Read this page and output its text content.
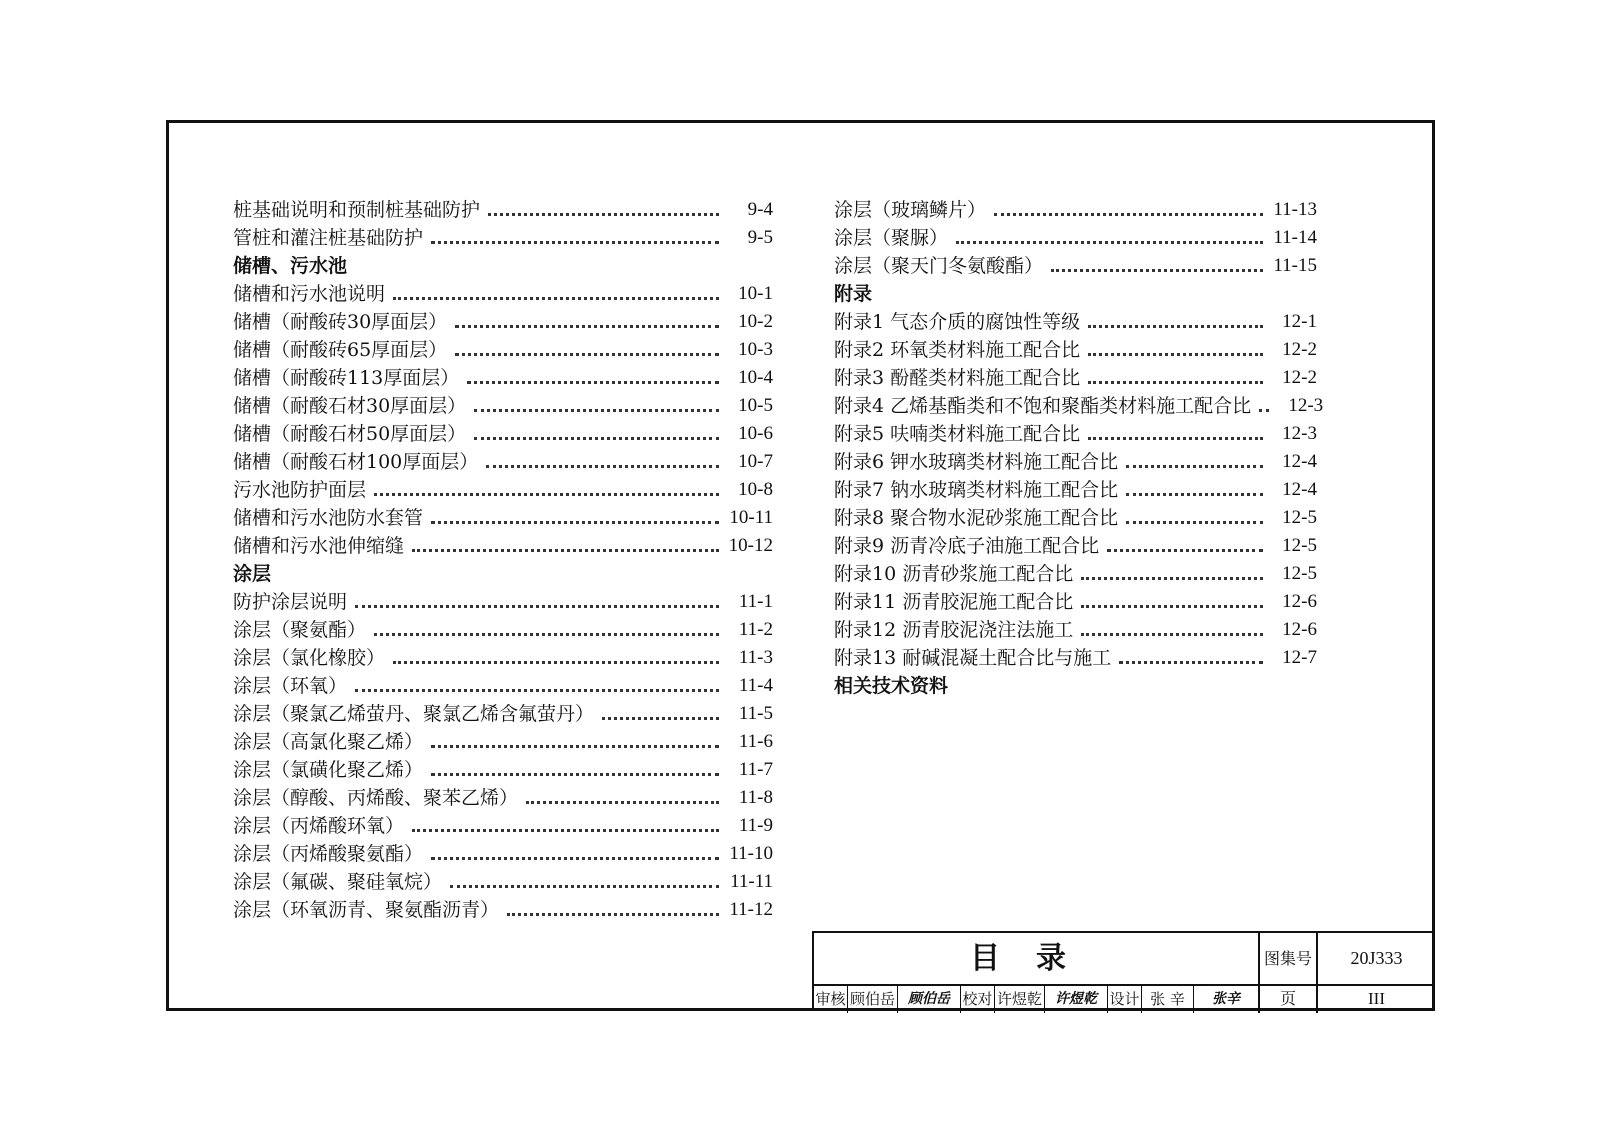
桩基础说明和预制桩基础防护	9-4
管桩和灌注桩基础防护	9-5
储槽、污水池
储槽和污水池说明	10-1
储槽（耐酸砖30厚面层）	10-2
储槽（耐酸砖65厚面层）	10-3
储槽（耐酸砖113厚面层）	10-4
储槽（耐酸石材30厚面层）	10-5
储槽（耐酸石材50厚面层）	10-6
储槽（耐酸石材100厚面层）	10-7
污水池防护面层	10-8
储槽和污水池防水套管	10-11
储槽和污水池伸缩缝	10-12
涂层
防护涂层说明	11-1
涂层（聚氨酯）	11-2
涂层（氯化橡胶）	11-3
涂层（环氧）	11-4
涂层（聚氯乙烯萤丹、聚氯乙烯含氟萤丹）	11-5
涂层（高氯化聚乙烯）	11-6
涂层（氯磺化聚乙烯）	11-7
涂层（醇酸、丙烯酸、聚苯乙烯）	11-8
涂层（丙烯酸环氧）	11-9
涂层（丙烯酸聚氨酯）	11-10
涂层（氟碳、聚硅氧烷）	11-11
涂层（环氧沥青、聚氨酯沥青）	11-12
涂层（玻璃鳞片）	11-13
涂层（聚脲）	11-14
涂层（聚天门冬氨酸酯）	11-15
附录
附录1 气态介质的腐蚀性等级	12-1
附录2 环氧类材料施工配合比	12-2
附录3 酚醛类材料施工配合比	12-2
附录4 乙烯基酯类和不饱和聚酯类材料施工配合比	12-3
附录5 呋喃类材料施工配合比	12-3
附录6 钾水玻璃类材料施工配合比	12-4
附录7 钠水玻璃类材料施工配合比	12-4
附录8 聚合物水泥砂浆施工配合比	12-5
附录9 沥青冷底子油施工配合比	12-5
附录10 沥青砂浆施工配合比	12-5
附录11 沥青胶泥施工配合比	12-6
附录12 沥青胶泥浇注法施工	12-6
附录13 耐碱混凝土配合比与施工	12-7
相关技术资料
目录	图集号	20J333
页	III
审核 顾伯岳 顾伯岳 校对 许煜乾 许煜乾 设计 张 辛	张辛
